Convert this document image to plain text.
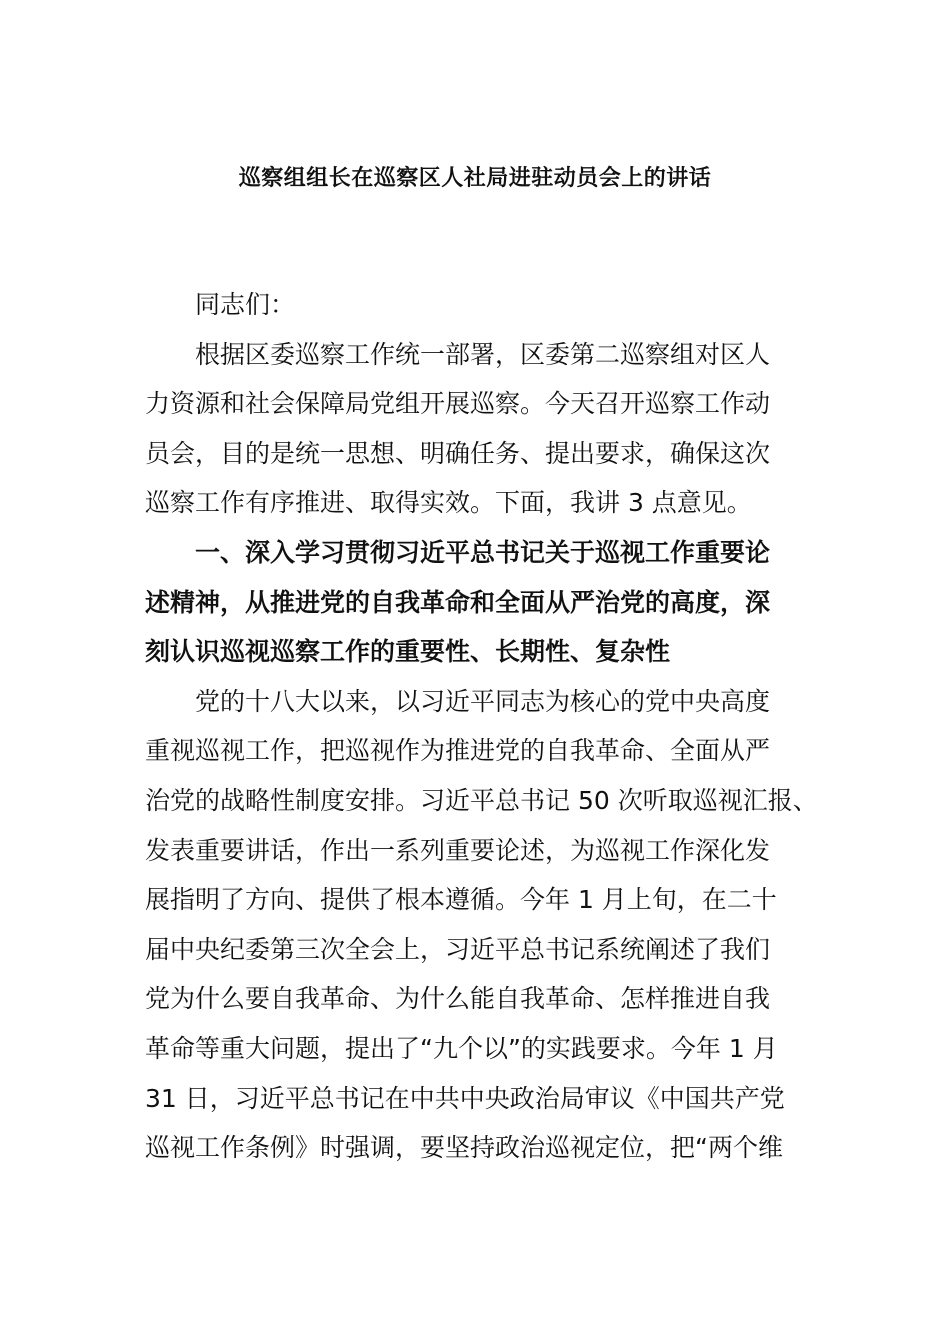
巡察组组长在巡察区人社局进驻动员会上的讲话
同志们：
根据区委巡察工作统一部署，区委第二巡察组对区人
力资源和社会保障局党组开展巡察。今天召开巡察工作动
员会，目的是统一思想、明确任务、提出要求，确保这次
巡察工作有序推进、取得实效。下面，我讲 3 点意见。
一、深入学习贯彻习近平总书记关于巡视工作重要论
述精神，从推进党的自我革命和全面从严治党的高度，深
刻认识巡视巡察工作的重要性、长期性、复杂性
党的十八大以来，以习近平同志为核心的党中央高度
重视巡视工作，把巡视作为推进党的自我革命、全面从严
治党的战略性制度安排。习近平总书记 50 次听取巡视汇报、
发表重要讲话，作出一系列重要论述，为巡视工作深化发
展指明了方向、提供了根本遵循。今年 1 月上旬，在二十
届中央纪委第三次全会上，习近平总书记系统阐述了我们
党为什么要自我革命、为什么能自我革命、怎样推进自我
革命等重大问题，提出了“九个以”的实践要求。今年 1 月
31 日，习近平总书记在中共中央政治局审议《中国共产党
巡视工作条例》时强调，要坚持政治巡视定位，把“两个维
